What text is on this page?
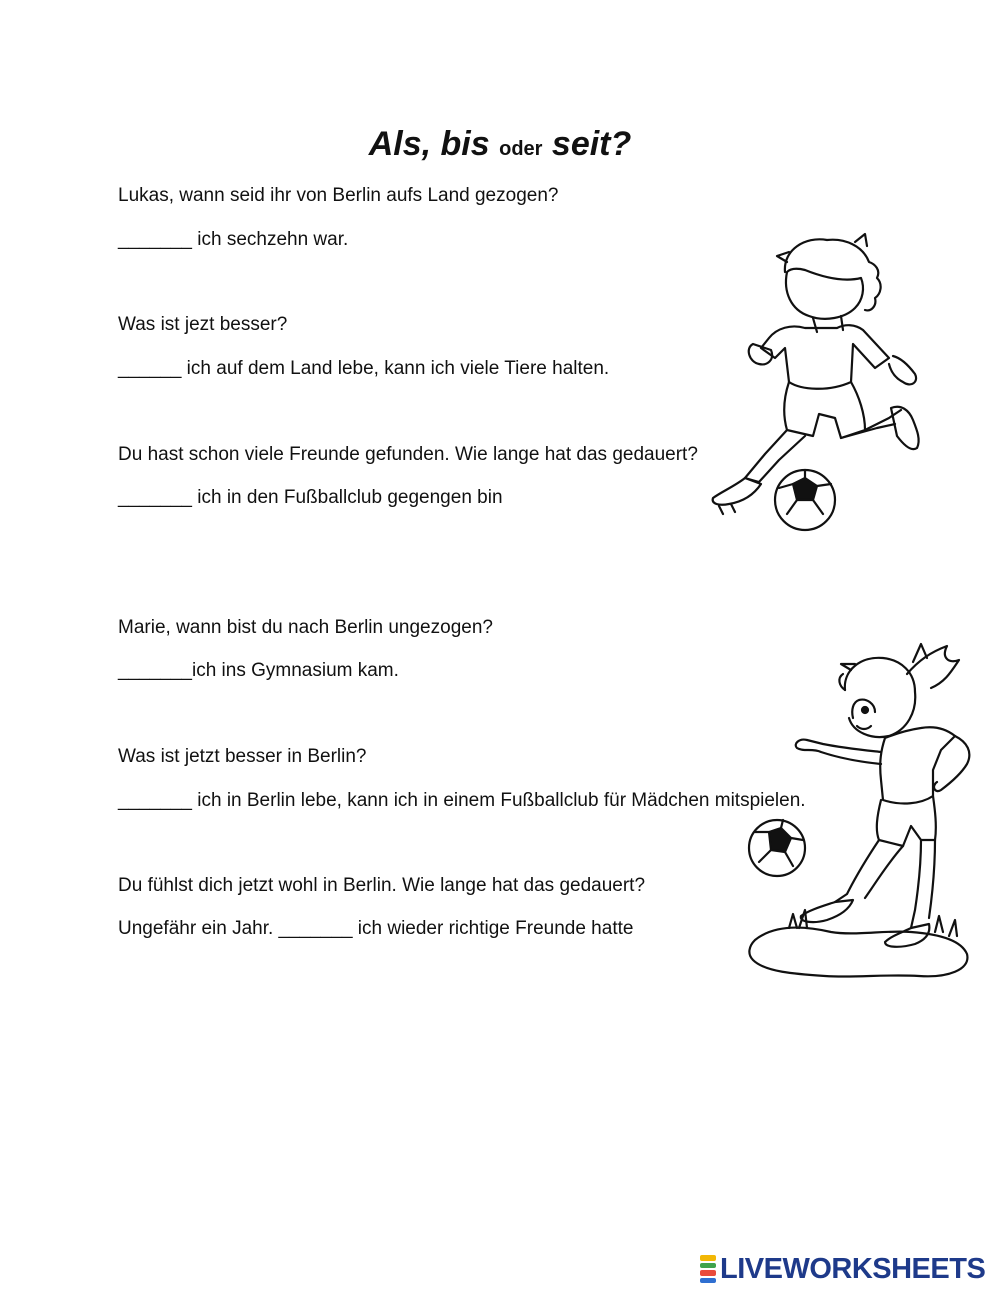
Als, bis oder seit?

Lukas, wann seid ihr von Berlin aufs Land gezogen?

_______ ich sechzehn war.

Was ist jezt besser?

______ ich auf dem Land lebe, kann ich viele Tiere halten.

Du hast schon viele Freunde gefunden. Wie lange hat das gedauert?

_______ ich in den Fußballclub gegengen bin

Marie, wann bist du nach Berlin ungezogen?

_______ich ins Gymnasium kam.

Was ist jetzt besser in Berlin?

_______ ich in Berlin lebe, kann ich in einem Fußballclub für Mädchen mitspielen.

Du fühlst dich jetzt wohl in Berlin. Wie lange hat das gedauert?

Ungefähr ein Jahr. _______ ich wieder richtige Freunde hatte

LIVEWORKSHEETS
